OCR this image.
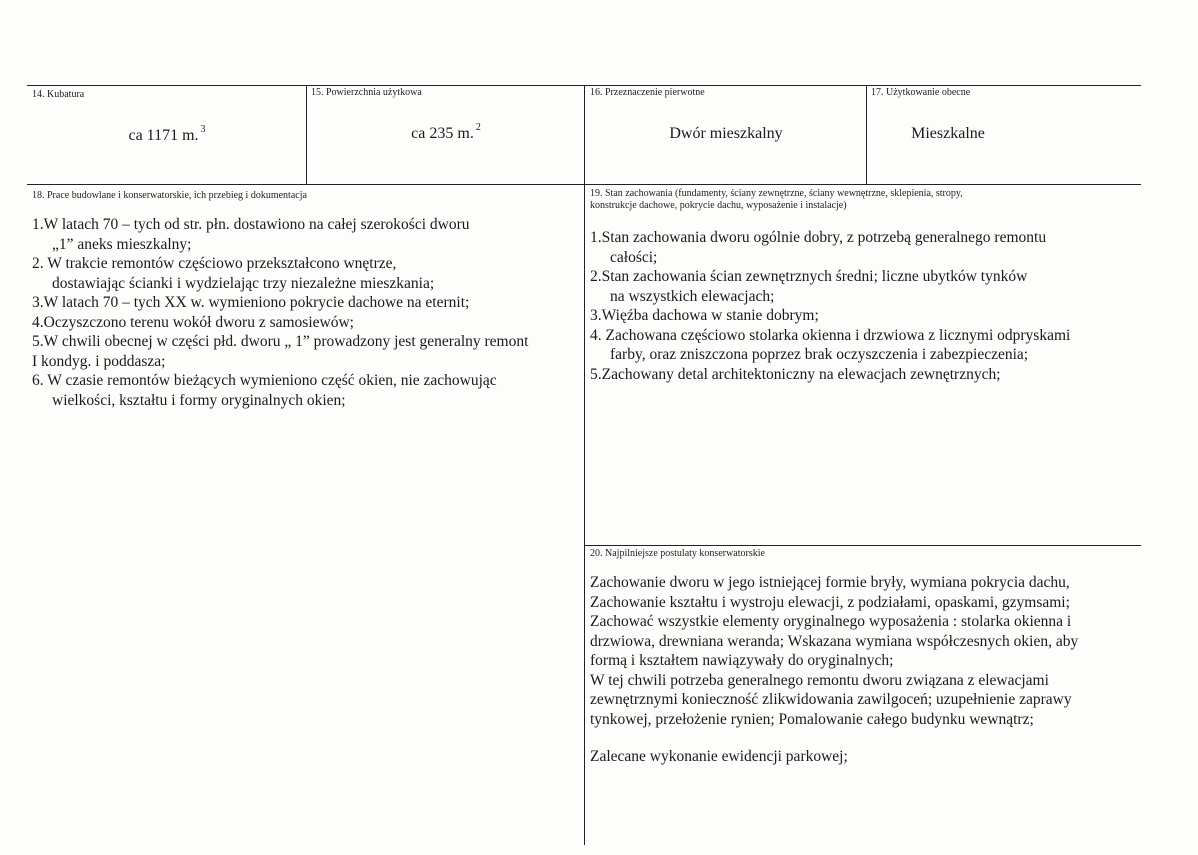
14. Kubatura
ca 1171 m. $^3$
15. Powierzchnia użytkowa
ca 235 m. $^2$
16. Przeznaczenie pierwotne
Dwór mieszkalny
17. Użytkowanie obecne
Mieszkalne
18. Prace budowlane i konserwatorskie, ich przebieg i dokumentacja
1.W latach 70 – tych od str. płn. dostawiono na całej szerokości dworu
„1” aneks mieszkalny;
2. W trakcie remontów częściowo przekształcono wnętrze,
dostawiając ścianki i wydzielając trzy niezależne mieszkania;
3.W latach 70 – tych XX w. wymieniono pokrycie dachowe na eternit;
4.Oczyszczono terenu wokół dworu z samosiewów;
5.W chwili obecnej w części płd. dworu „ 1” prowadzony jest generalny remont
I kondyg. i poddasza;
6. W czasie remontów bieżących wymieniono część okien, nie zachowując
wielkości, kształtu i formy oryginalnych okien;
19. Stan zachowania (fundamenty, ściany zewnętrzne, ściany wewnętrzne, sklepienia, stropy,
konstrukcje dachowe, pokrycie dachu, wyposażenie i instalacje)
1.Stan zachowania dworu ogólnie dobry, z potrzebą generalnego remontu
całości;
2.Stan zachowania ścian zewnętrznych średni; liczne ubytków tynków
na wszystkich elewacjach;
3.Więźba dachowa w stanie dobrym;
4. Zachowana częściowo stolarka okienna i drzwiowa z licznymi odpryskami
farby, oraz zniszczona poprzez brak oczyszczenia i zabezpieczenia;
5.Zachowany detal architektoniczny na elewacjach zewnętrznych;
20. Najpilniejsze postulaty konserwatorskie
Zachowanie dworu w jego istniejącej formie bryły, wymiana pokrycia dachu,
Zachowanie kształtu i wystroju elewacji, z podziałami, opaskami, gzymsami;
Zachować wszystkie elementy oryginalnego wyposażenia : stolarka okienna i
drzwiowa, drewniana weranda; Wskazana wymiana współczesnych okien, aby
formą i kształtem nawiązywały do oryginalnych;
W tej chwili potrzeba generalnego remontu dworu związana z elewacjami
zewnętrznymi konieczność zlikwidowania zawilgoceń; uzupełnienie zaprawy
tynkowej, przełożenie rynien; Pomalowanie całego budynku wewnątrz;
Zalecane wykonanie ewidencji parkowej;
